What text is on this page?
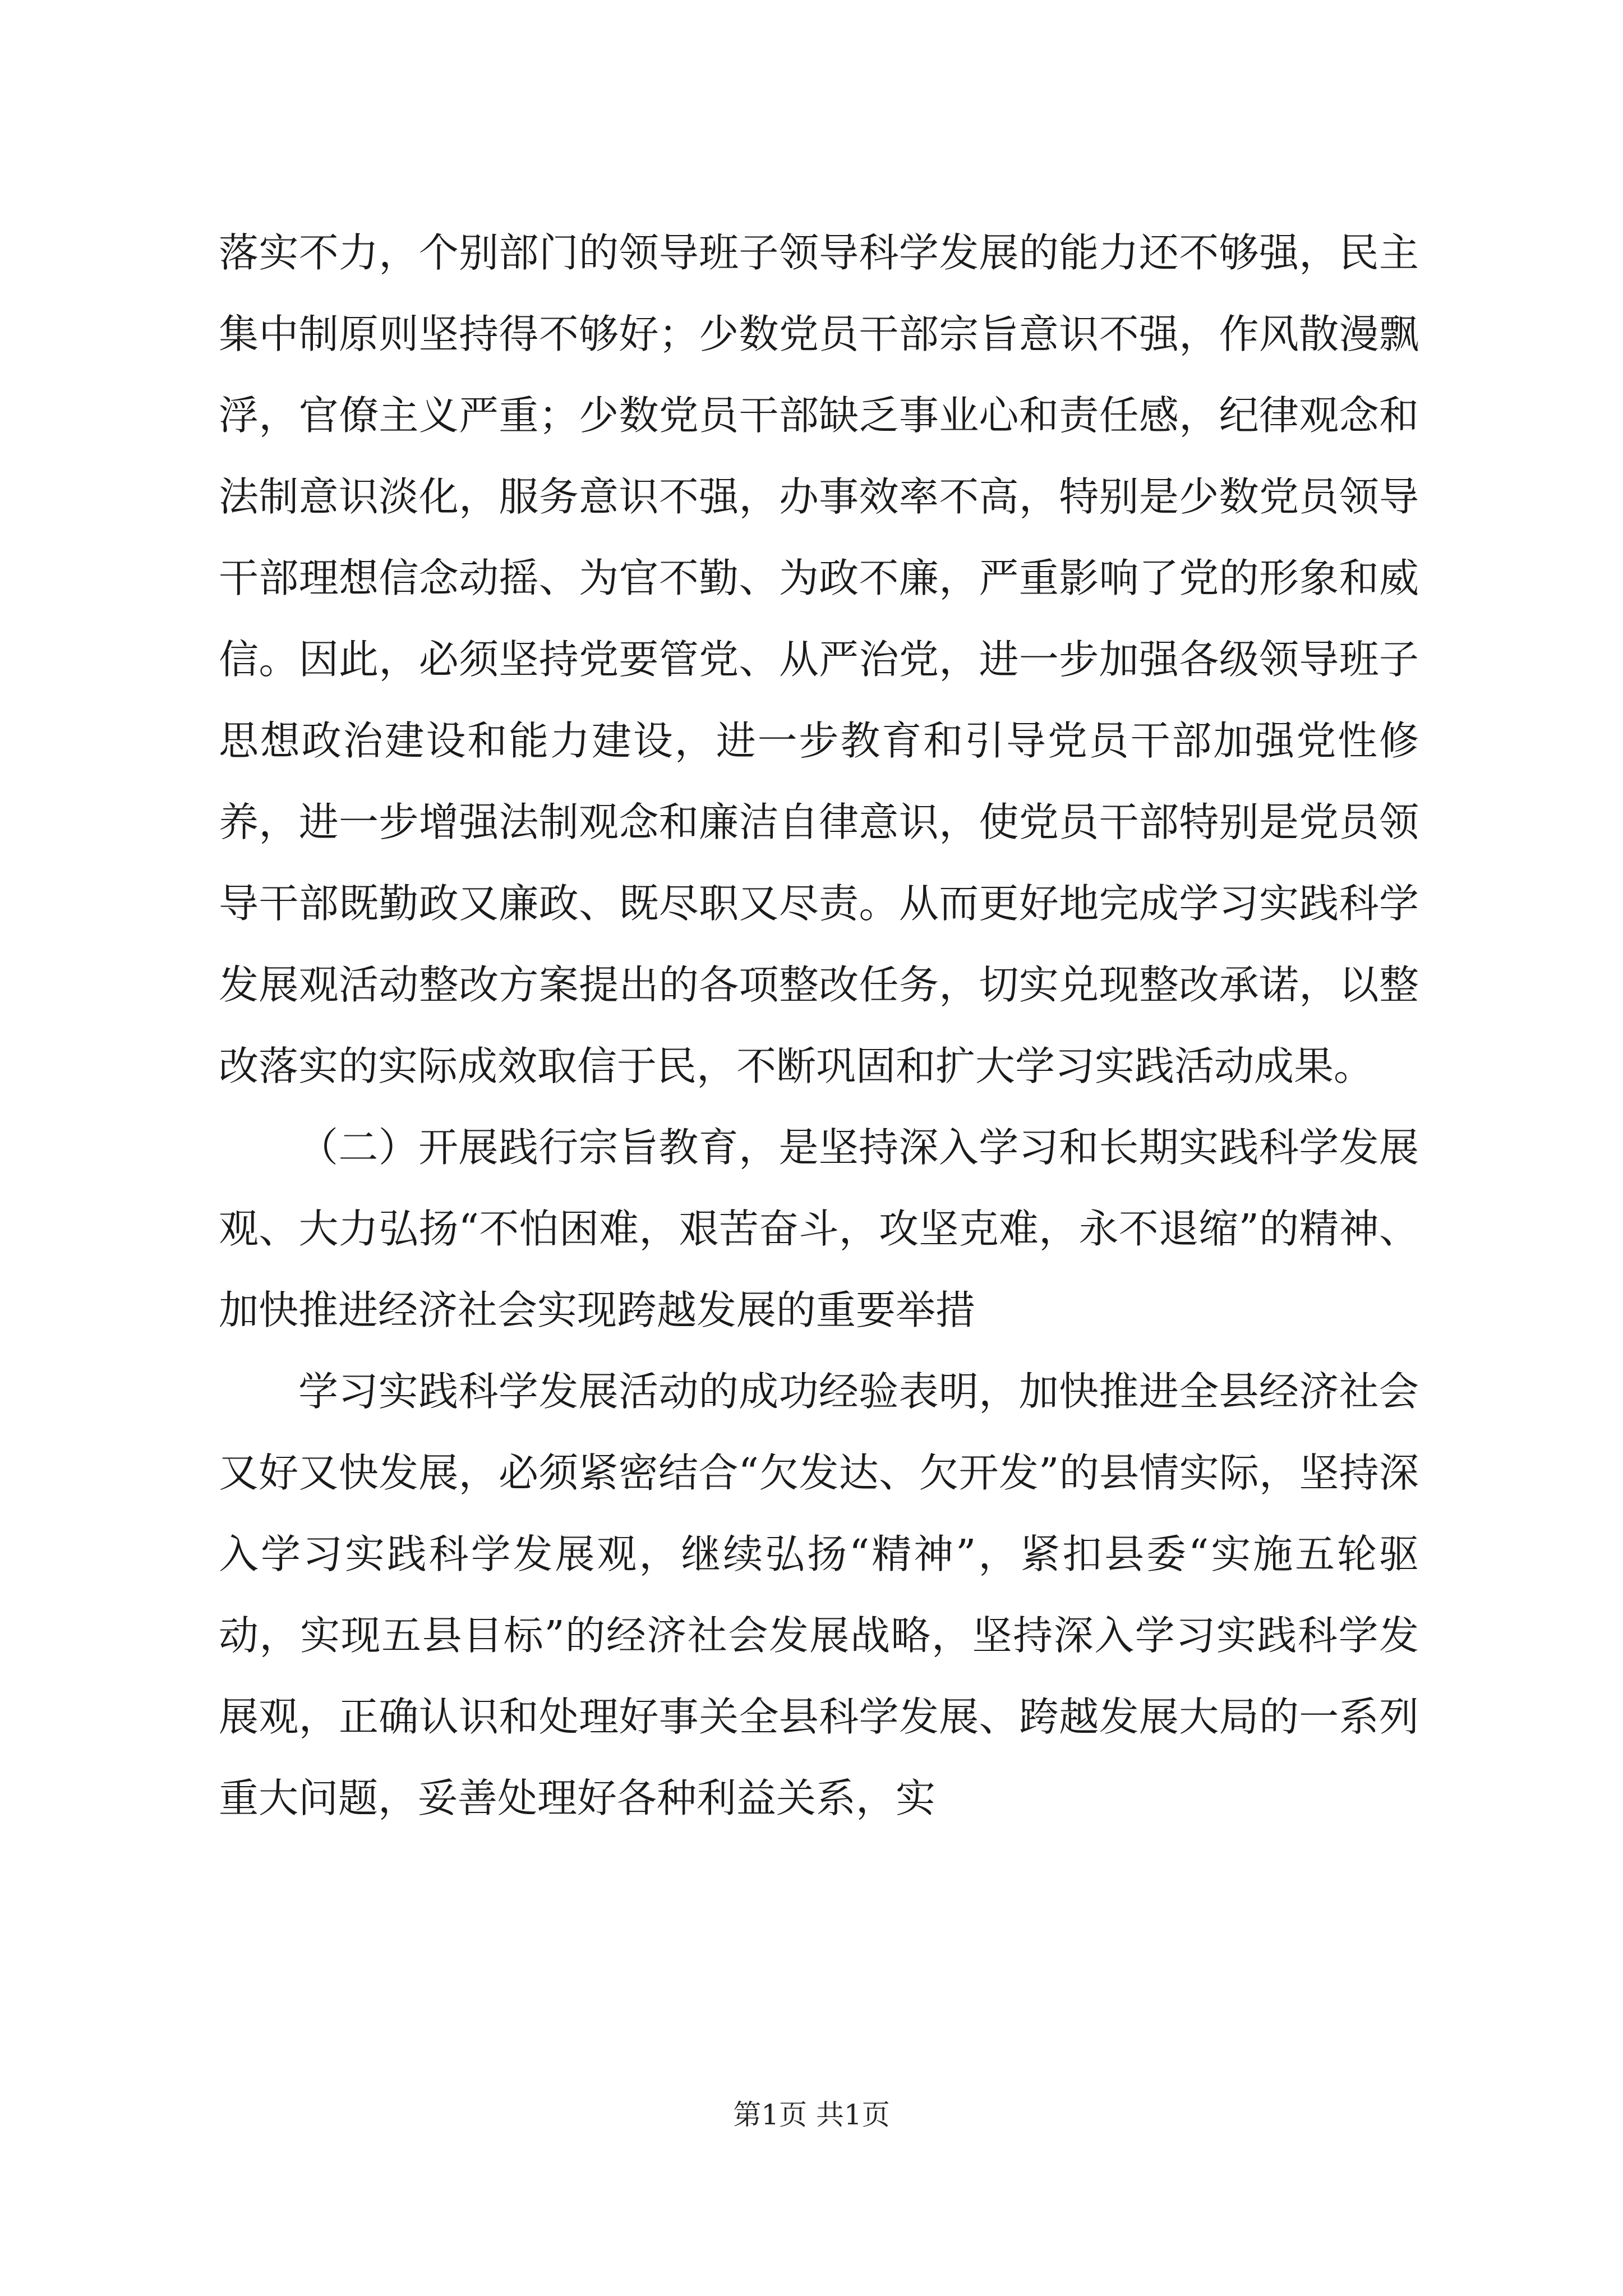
落实不力，个别部门的领导班子领导科学发展的能力还不够强，民主集中制原则坚持得不够好；少数党员干部宗旨意识不强，作风散漫飘浮，官僚主义严重；少数党员干部缺乏事业心和责任感，纪律观念和法制意识淡化，服务意识不强，办事效率不高，特别是少数党员领导干部理想信念动摇、为官不勤、为政不廉，严重影响了党的形象和威信。因此，必须坚持党要管党、从严治党，进一步加强各级领导班子思想政治建设和能力建设，进一步教育和引导党员干部加强党性修养，进一步增强法制观念和廉洁自律意识，使党员干部特别是党员领导干部既勤政又廉政、既尽职又尽责。从而更好地完成学习实践科学发展观活动整改方案提出的各项整改任务，切实兑现整改承诺，以整改落实的实际成效取信于民，不断巩固和扩大学习实践活动成果。

（二）开展践行宗旨教育，是坚持深入学习和长期实践科学发展观、大力弘扬“不怕困难，艰苦奋斗，攻坚克难，永不退缩”的精神、加快推进经济社会实现跨越发展的重要举措

学习实践科学发展活动的成功经验表明，加快推进全县经济社会又好又快发展，必须紧密结合“欠发达、欠开发”的县情实际，坚持深入学习实践科学发展观，继续弘扬“精神”，紧扣县委“实施五轮驱动，实现五县目标”的经济社会发展战略，坚持深入学习实践科学发展观，正确认识和处理好事关全县科学发展、跨越发展大局的一系列重大问题，妥善处理好各种利益关系，实

第1页 共1页
